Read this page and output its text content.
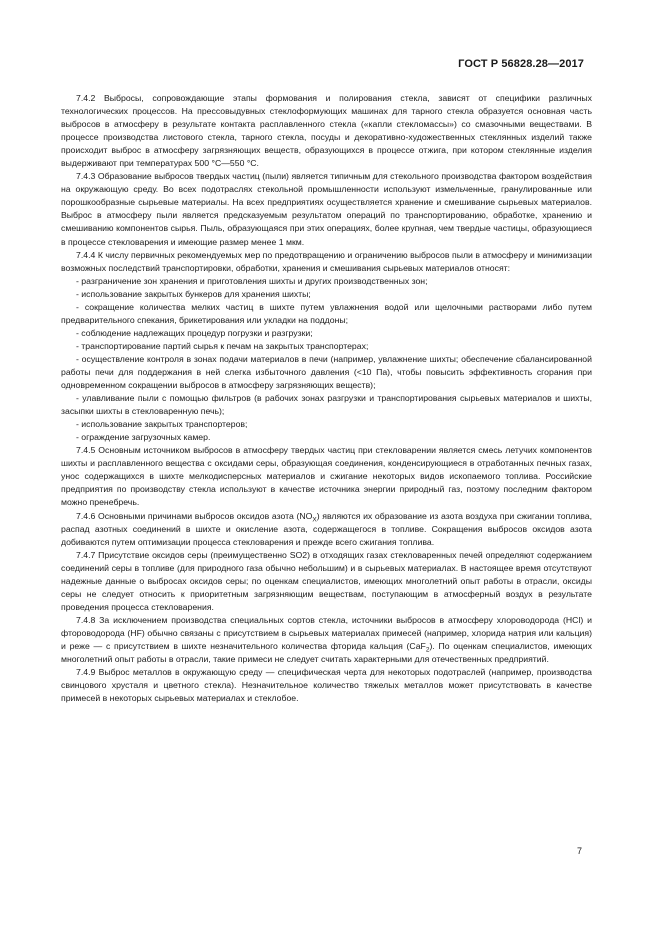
ГОСТ Р 56828.28—2017

7.4.2 Выбросы, сопровождающие этапы формования и полирования стекла, зависят от специфики различных технологических процессов. На прессовыдувных стеклоформующих машинах для тарного стекла образуется основная часть выбросов в атмосферу в результате контакта расплавленного стекла («капли стекломассы») со смазочными веществами. В процессе производства листового стекла, тарного стекла, посуды и декоративно-художественных стеклянных изделий также происходит выброс в атмосферу загрязняющих веществ, образующихся в процессе отжига, при котором стеклянные изделия выдерживают при температурах 500 °C—550 °C.

7.4.3 Образование выбросов твердых частиц (пыли) является типичным для стекольного производства фактором воздействия на окружающую среду. Во всех подотраслях стекольной промышленности используют измельченные, гранулированные или порошкообразные сырьевые материалы. На всех предприятиях осуществляется хранение и смешивание сырьевых материалов. Выброс в атмосферу пыли является предсказуемым результатом операций по транспортированию, обработке, хранению и смешиванию компонентов сырья. Пыль, образующаяся при этих операциях, более крупная, чем твердые частицы, образующиеся в процессе стекловарения и имеющие размер менее 1 мкм.

7.4.4 К числу первичных рекомендуемых мер по предотвращению и ограничению выбросов пыли в атмосферу и минимизации возможных последствий транспортировки, обработки, хранения и смешивания сырьевых материалов относят:

- разграничение зон хранения и приготовления шихты и других производственных зон;

- использование закрытых бункеров для хранения шихты;

- сокращение количества мелких частиц в шихте путем увлажнения водой или щелочными растворами либо путем предварительного спекания, брикетирования или укладки на поддоны;

- соблюдение надлежащих процедур погрузки и разгрузки;

- транспортирование партий сырья к печам на закрытых транспортерах;

- осуществление контроля в зонах подачи материалов в печи (например, увлажнение шихты; обеспечение сбалансированной работы печи для поддержания в ней слегка избыточного давления (<10 Па), чтобы повысить эффективность сгорания при одновременном сокращении выбросов в атмосферу загрязняющих веществ);

- улавливание пыли с помощью фильтров (в рабочих зонах разгрузки и транспортирования сырьевых материалов и шихты, засыпки шихты в стекловаренную печь);

- использование закрытых транспортеров;

- ограждение загрузочных камер.

7.4.5 Основным источником выбросов в атмосферу твердых частиц при стекловарении является смесь летучих компонентов шихты и расплавленного вещества с оксидами серы, образующая соединения, конденсирующиеся в отработанных печных газах, унос содержащихся в шихте мелкодисперсных материалов и сжигание некоторых видов ископаемого топлива. Российские предприятия по производству стекла используют в качестве источника энергии природный газ, поэтому последним фактором можно пренебречь.

7.4.6 Основными причинами выбросов оксидов азота $(NO_X)$ являются их образование из азота воздуха при сжигании топлива, распад азотных соединений в шихте и окисление азота, содержащегося в топливе. Сокращения выбросов оксидов азота добиваются путем оптимизации процесса стекловарения и прежде всего сжигания топлива.

7.4.7 Присутствие оксидов серы (преимущественно SO2) в отходящих газах стекловаренных печей определяют содержанием соединений серы в топливе (для природного газа обычно небольшим) и в сырьевых материалах. В настоящее время отсутствуют надежные данные о выбросах оксидов серы; по оценкам специалистов, имеющих многолетний опыт работы в отрасли, оксиды серы не следует относить к приоритетным загрязняющим веществам, поступающим в атмосферный воздух в результате проведения процесса стекловарения.

7.4.8 За исключением производства специальных сортов стекла, источники выбросов в атмосферу хлороводорода (HCl) и фтороводорода (HF) обычно связаны с присутствием в сырьевых материалах примесей (например, хлорида натрия или кальция) и реже — с присутствием в шихте незначительного количества фторида кальция (CaF$_2$). По оценкам специалистов, имеющих многолетний опыт работы в отрасли, такие примеси не следует считать характерными для отечественных предприятий.

7.4.9 Выброс металлов в окружающую среду — специфическая черта для некоторых подотраслей (например, производства свинцового хрусталя и цветного стекла). Незначительное количество тяжелых металлов может присутствовать в качестве примесей в некоторых сырьевых материалах и стеклобое.

7
